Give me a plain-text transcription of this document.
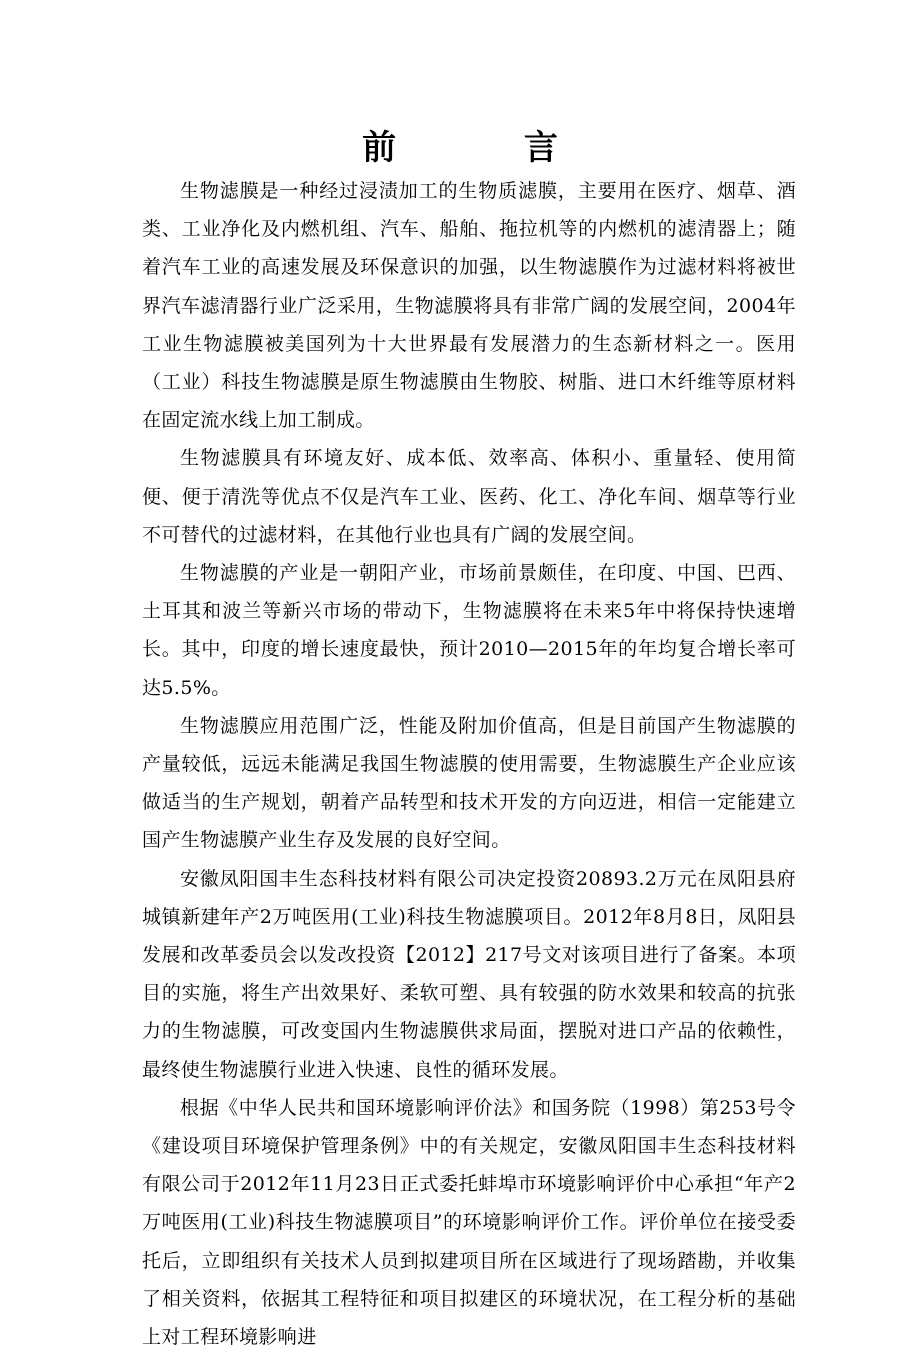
前 言

生物滤膜是一种经过浸渍加工的生物质滤膜，主要用在医疗、烟草、酒类、工业净化及内燃机组、汽车、船舶、拖拉机等的内燃机的滤清器上；随着汽车工业的高速发展及环保意识的加强，以生物滤膜作为过滤材料将被世界汽车滤清器行业广泛采用，生物滤膜将具有非常广阔的发展空间，2004年工业生物滤膜被美国列为十大世界最有发展潜力的生态新材料之一。医用（工业）科技生物滤膜是原生物滤膜由生物胶、树脂、进口木纤维等原材料在固定流水线上加工制成。

生物滤膜具有环境友好、成本低、效率高、体积小、重量轻、使用简便、便于清洗等优点不仅是汽车工业、医药、化工、净化车间、烟草等行业不可替代的过滤材料，在其他行业也具有广阔的发展空间。

生物滤膜的产业是一朝阳产业，市场前景颇佳，在印度、中国、巴西、土耳其和波兰等新兴市场的带动下，生物滤膜将在未来5年中将保持快速增长。其中，印度的增长速度最快，预计2010—2015年的年均复合增长率可达5.5%。

生物滤膜应用范围广泛，性能及附加价值高，但是目前国产生物滤膜的产量较低，远远未能满足我国生物滤膜的使用需要，生物滤膜生产企业应该做适当的生产规划，朝着产品转型和技术开发的方向迈进，相信一定能建立国产生物滤膜产业生存及发展的良好空间。

安徽凤阳国丰生态科技材料有限公司决定投资20893.2万元在凤阳县府城镇新建年产2万吨医用(工业)科技生物滤膜项目。2012年8月8日，凤阳县发展和改革委员会以发改投资【2012】217号文对该项目进行了备案。本项目的实施，将生产出效果好、柔软可塑、具有较强的防水效果和较高的抗张力的生物滤膜，可改变国内生物滤膜供求局面，摆脱对进口产品的依赖性，最终使生物滤膜行业进入快速、良性的循环发展。

根据《中华人民共和国环境影响评价法》和国务院（1998）第253号令《建设项目环境保护管理条例》中的有关规定，安徽凤阳国丰生态科技材料有限公司于2012年11月23日正式委托蚌埠市环境影响评价中心承担“年产2万吨医用(工业)科技生物滤膜项目”的环境影响评价工作。评价单位在接受委托后，立即组织有关技术人员到拟建项目所在区域进行了现场踏勘，并收集了相关资料，依据其工程特征和项目拟建区的环境状况，在工程分析的基础上对工程环境影响进
